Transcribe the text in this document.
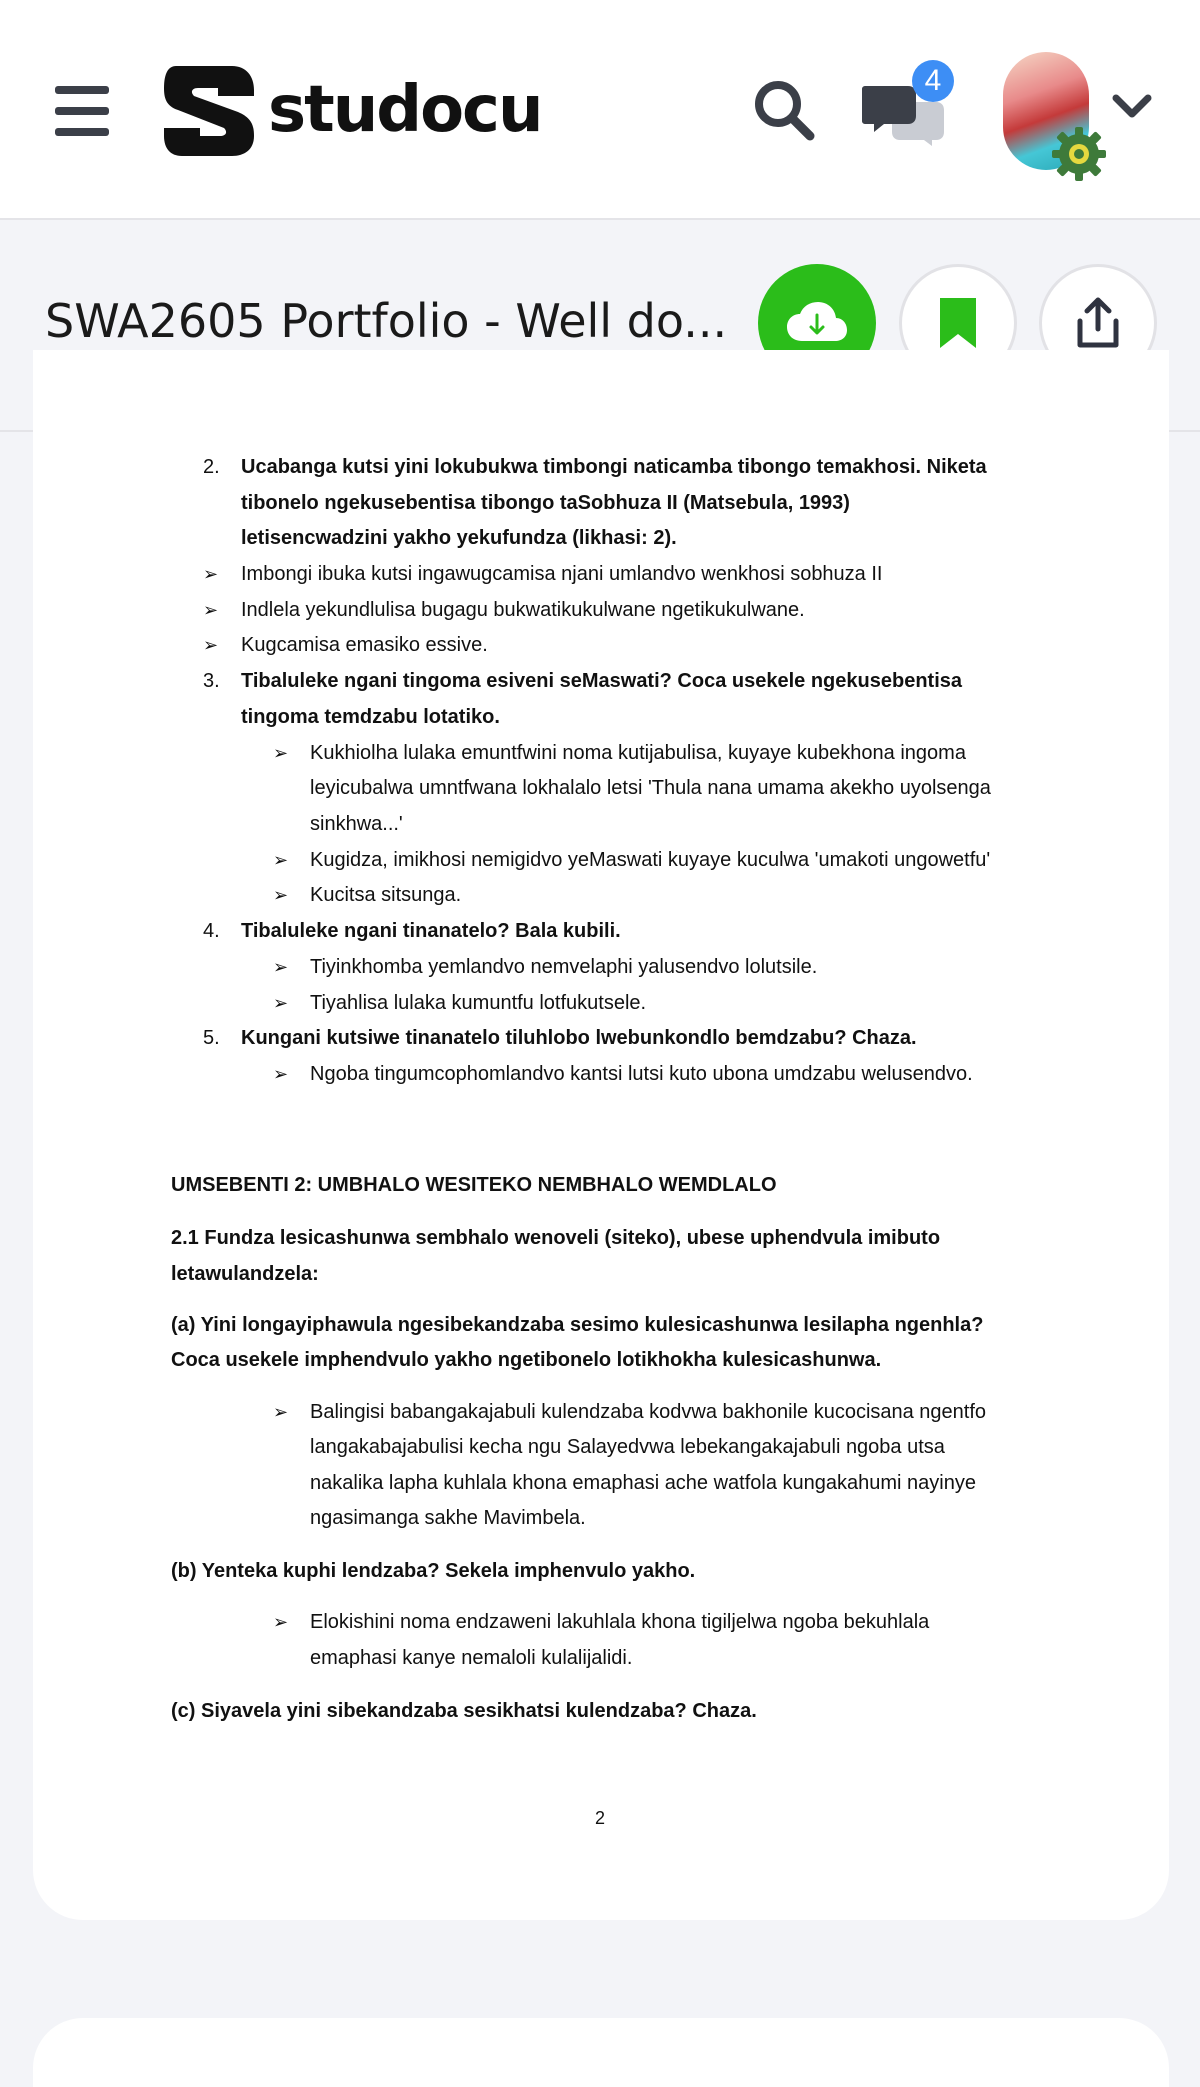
studocu	4
SWA2605 Portfolio - Well do...
2. Ucabanga kutsi yini lokubukwa timbongi naticamba tibongo temakhosi. Niketa
tibonelo ngekusebentisa tibongo taSobhuza II (Matsebula, 1993)
letisencwadzini yakho yekufundza (likhasi: 2).
➢ Imbongi ibuka kutsi ingawugcamisa njani umlandvo wenkhosi sobhuza II
➢ Indlela yekundlulisa bugagu bukwatikukulwane ngetikukulwane.
➢ Kugcamisa emasiko essive.
3. Tibaluleke ngani tingoma esiveni seMaswati? Coca usekele ngekusebentisa
tingoma temdzabu lotatiko.
➢ Kukhiolha lulaka emuntfwini noma kutijabulisa, kuyaye kubekhona ingoma
leyicubalwa umntfwana lokhalalo letsi 'Thula nana umama akekho uyolsenga
sinkhwa...'
➢ Kugidza, imikhosi nemigidvo yeMaswati kuyaye kuculwa 'umakoti ungowetfu'
➢ Kucitsa sitsunga.
4. Tibaluleke ngani tinanatelo? Bala kubili.
➢ Tiyinkhomba yemlandvo nemvelaphi yalusendvo lolutsile.
➢ Tiyahlisa lulaka kumuntfu lotfukutsele.
5. Kungani kutsiwe tinanatelo tiluhlobo lwebunkondlo bemdzabu? Chaza.
➢ Ngoba tingumcophomlandvo kantsi lutsi kuto ubona umdzabu welusendvo.
UMSEBENTI 2: UMBHALO WESITEKO NEMBHALO WEMDLALO
2.1 Fundza lesicashunwa sembhalo wenoveli (siteko), ubese uphendvula imibuto
letawulandzela:
(a) Yini longayiphawula ngesibekandzaba sesimo kulesicashunwa lesilapha ngenhla?
Coca usekele imphendvulo yakho ngetibonelo lotikhokha kulesicashunwa.
➢ Balingisi babangakajabuli kulendzaba kodvwa bakhonile kucocisana ngentfo
langakabajabulisi kecha ngu Salayedvwa lebekangakajabuli ngoba utsa
nakalika lapha kuhlala khona emaphasi ache watfola kungakahumi nayinye
ngasimanga sakhe Mavimbela.
(b) Yenteka kuphi lendzaba? Sekela imphenvulo yakho.
➢ Elokishini noma endzaweni lakuhlala khona tigiljelwa ngoba bekuhlala
emaphasi kanye nemaloli kulalijalidi.
(c) Siyavela yini sibekandzaba sesikhatsi kulendzaba? Chaza.
2
